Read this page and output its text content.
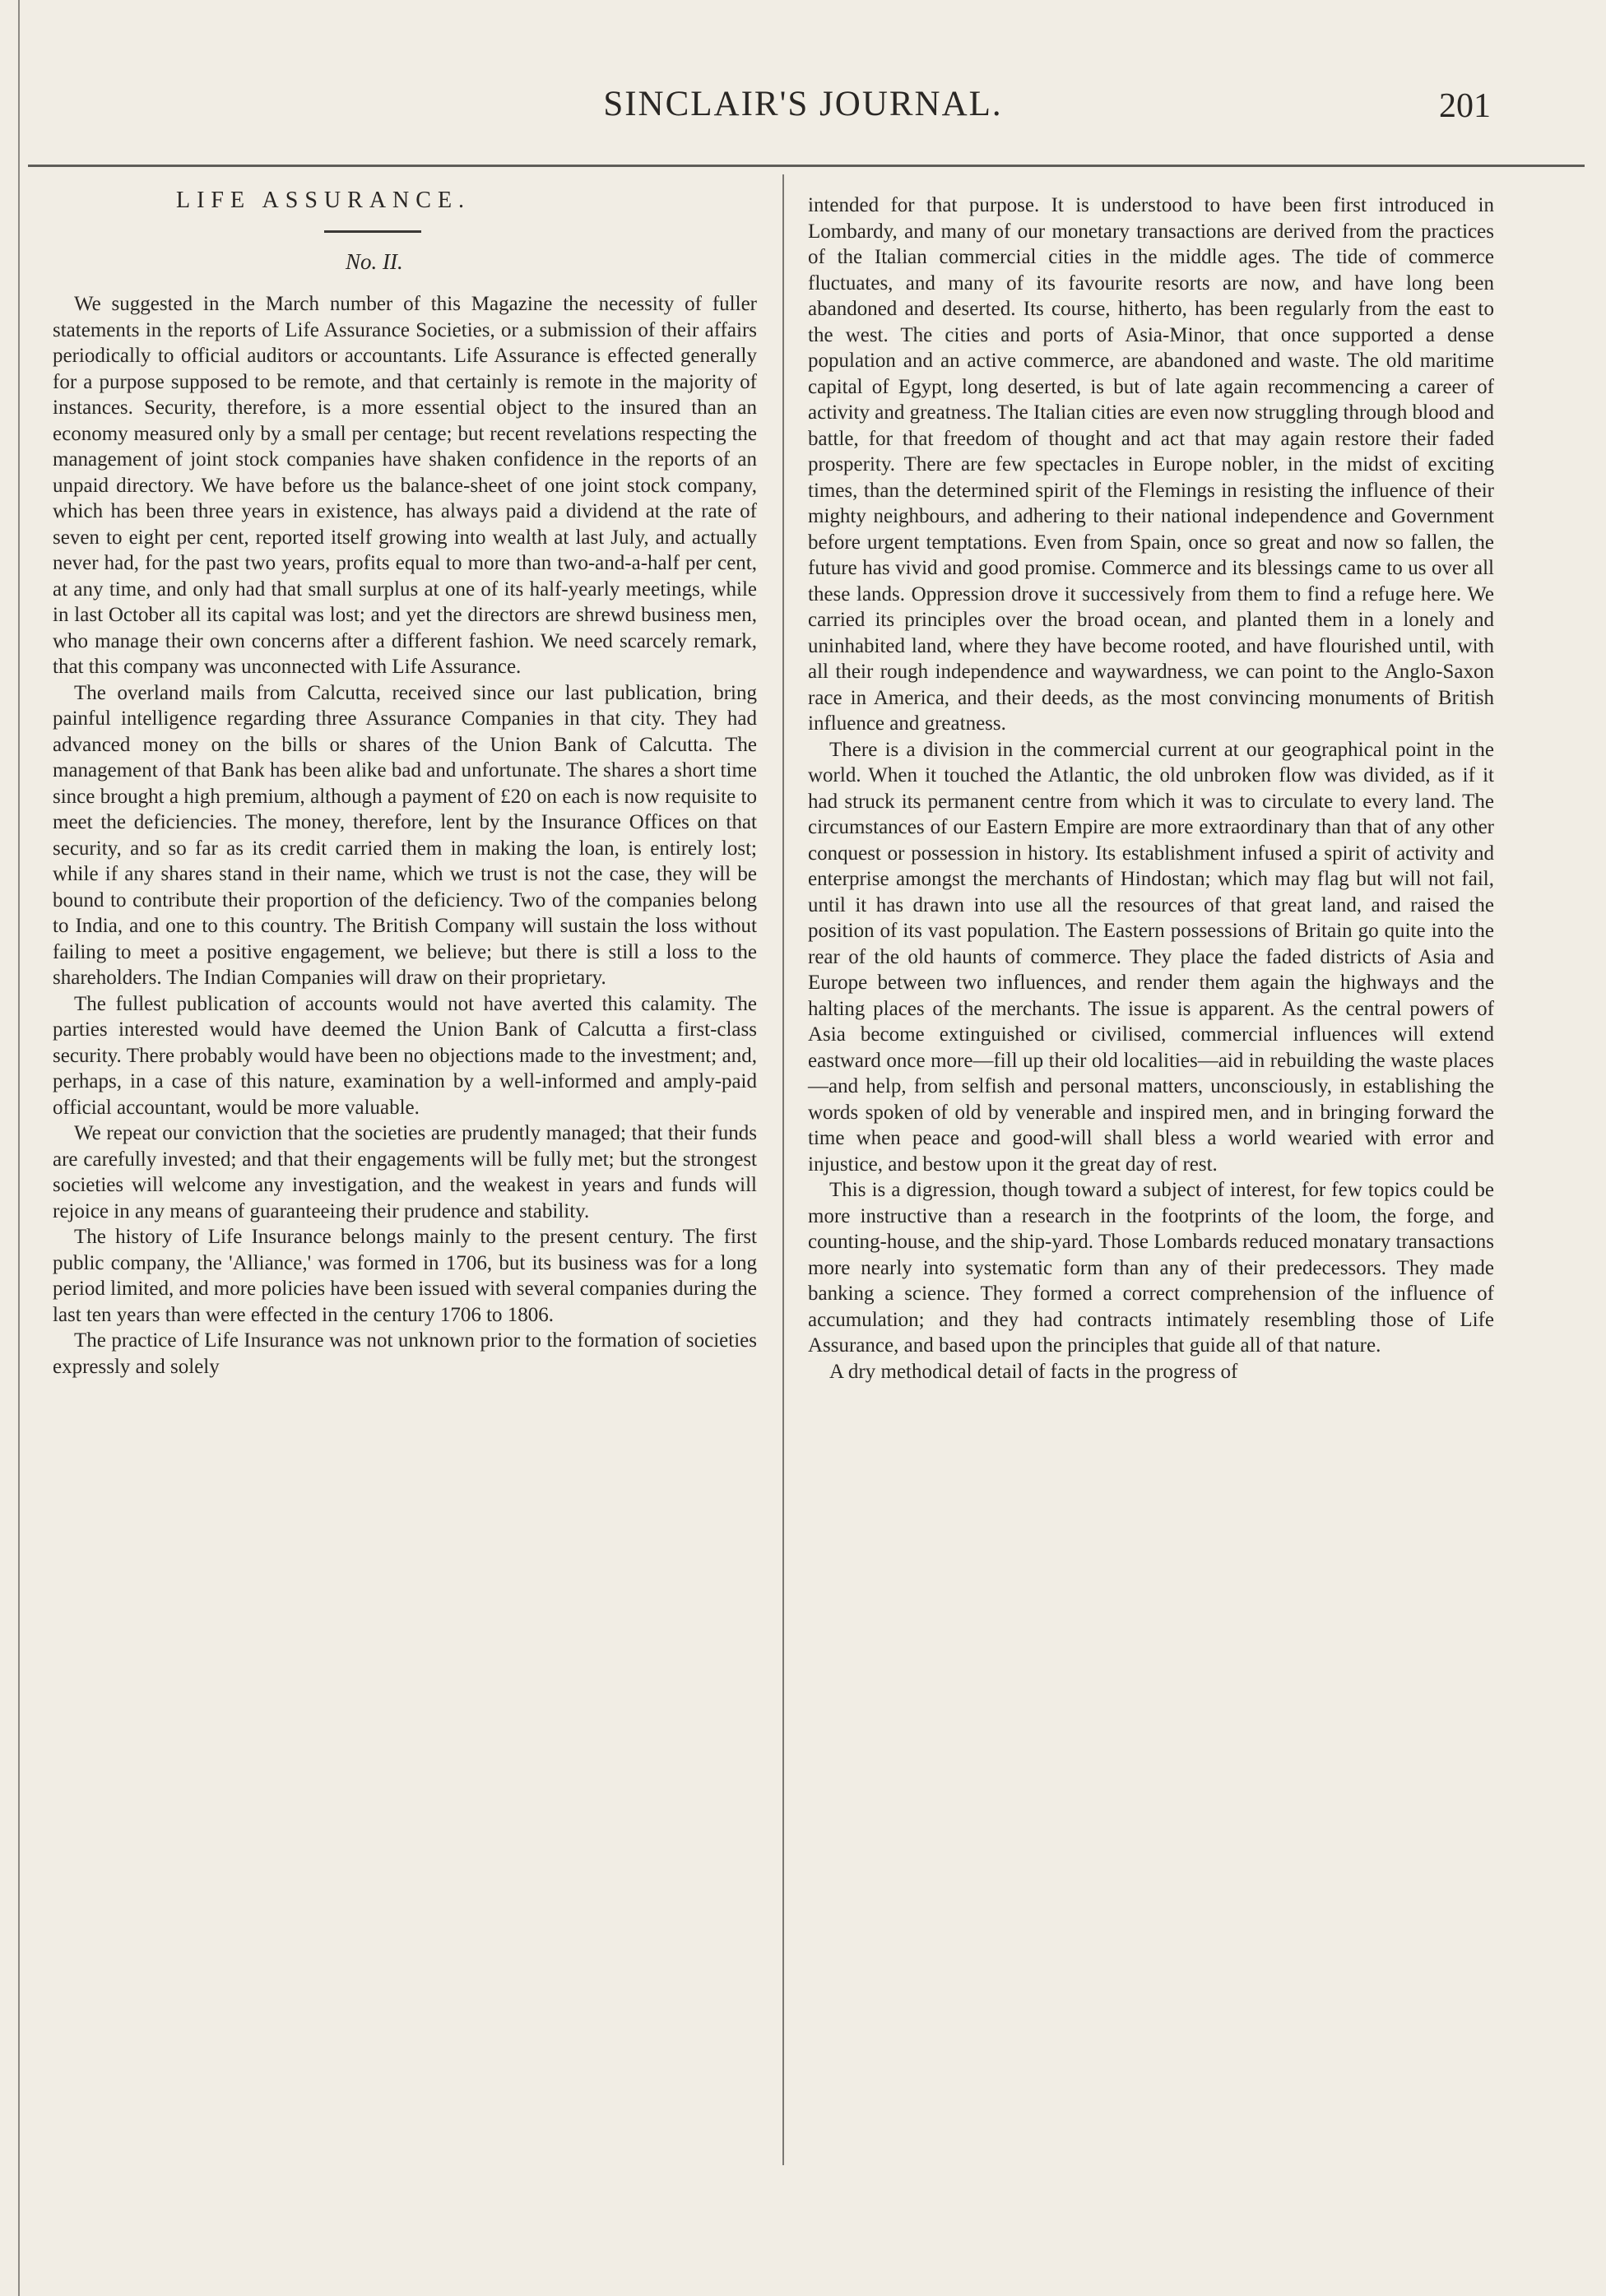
SINCLAIR'S JOURNAL.	201
LIFE ASSURANCE.
No. II.

We suggested in the March number of this Magazine the necessity of fuller statements in the reports of Life Assurance Societies, or a submission of their affairs periodically to official auditors or accountants. Life Assurance is effected generally for a purpose supposed to be remote, and that certainly is remote in the majority of instances. Security, therefore, is a more essential object to the insured than an economy measured only by a small per centage; but recent revelations respecting the management of joint stock companies have shaken confidence in the reports of an unpaid directory. We have before us the balance-sheet of one joint stock company, which has been three years in existence, has always paid a dividend at the rate of seven to eight per cent, reported itself growing into wealth at last July, and actually never had, for the past two years, profits equal to more than two-and-a-half per cent, at any time, and only had that small surplus at one of its half-yearly meetings, while in last October all its capital was lost; and yet the directors are shrewd business men, who manage their own concerns after a different fashion. We need scarcely remark, that this company was unconnected with Life Assurance.

The overland mails from Calcutta, received since our last publication, bring painful intelligence regarding three Assurance Companies in that city. They had advanced money on the bills or shares of the Union Bank of Calcutta. The management of that Bank has been alike bad and unfortunate. The shares a short time since brought a high premium, although a payment of £20 on each is now requisite to meet the deficiencies. The money, therefore, lent by the Insurance Offices on that security, and so far as its credit carried them in making the loan, is entirely lost; while if any shares stand in their name, which we trust is not the case, they will be bound to contribute their proportion of the deficiency. Two of the companies belong to India, and one to this country. The British Company will sustain the loss without failing to meet a positive engagement, we believe; but there is still a loss to the shareholders. The Indian Companies will draw on their proprietary.

The fullest publication of accounts would not have averted this calamity. The parties interested would have deemed the Union Bank of Calcutta a first-class security. There probably would have been no objections made to the investment; and, perhaps, in a case of this nature, examination by a well-informed and amply-paid official accountant, would be more valuable.

We repeat our conviction that the societies are prudently managed; that their funds are carefully invested; and that their engagements will be fully met; but the strongest societies will welcome any investigation, and the weakest in years and funds will rejoice in any means of guaranteeing their prudence and stability.

The history of Life Insurance belongs mainly to the present century. The first public company, the 'Alliance,' was formed in 1706, but its business was for a long period limited, and more policies have been issued with several companies during the last ten years than were effected in the century 1706 to 1806.

The practice of Life Insurance was not unknown prior to the formation of societies expressly and solely

intended for that purpose. It is understood to have been first introduced in Lombardy, and many of our monetary transactions are derived from the practices of the Italian commercial cities in the middle ages. The tide of commerce fluctuates, and many of its favourite resorts are now, and have long been abandoned and deserted. Its course, hitherto, has been regularly from the east to the west. The cities and ports of Asia-Minor, that once supported a dense population and an active commerce, are abandoned and waste. The old maritime capital of Egypt, long deserted, is but of late again recommencing a career of activity and greatness. The Italian cities are even now struggling through blood and battle, for that freedom of thought and act that may again restore their faded prosperity. There are few spectacles in Europe nobler, in the midst of exciting times, than the determined spirit of the Flemings in resisting the influence of their mighty neighbours, and adhering to their national independence and Government before urgent temptations. Even from Spain, once so great and now so fallen, the future has vivid and good promise. Commerce and its blessings came to us over all these lands. Oppression drove it successively from them to find a refuge here. We carried its principles over the broad ocean, and planted them in a lonely and uninhabited land, where they have become rooted, and have flourished until, with all their rough independence and waywardness, we can point to the Anglo-Saxon race in America, and their deeds, as the most convincing monuments of British influence and greatness.

There is a division in the commercial current at our geographical point in the world. When it touched the Atlantic, the old unbroken flow was divided, as if it had struck its permanent centre from which it was to circulate to every land. The circumstances of our Eastern Empire are more extraordinary than that of any other conquest or possession in history. Its establishment infused a spirit of activity and enterprise amongst the merchants of Hindostan; which may flag but will not fail, until it has drawn into use all the resources of that great land, and raised the position of its vast population. The Eastern possessions of Britain go quite into the rear of the old haunts of commerce. They place the faded districts of Asia and Europe between two influences, and render them again the highways and the halting places of the merchants. The issue is apparent. As the central powers of Asia become extinguished or civilised, commercial influences will extend eastward once more—fill up their old localities—aid in rebuilding the waste places—and help, from selfish and personal matters, unconsciously, in establishing the words spoken of old by venerable and inspired men, and in bringing forward the time when peace and good-will shall bless a world wearied with error and injustice, and bestow upon it the great day of rest.

This is a digression, though toward a subject of interest, for few topics could be more instructive than a research in the footprints of the loom, the forge, and counting-house, and the ship-yard. Those Lombards reduced monatary transactions more nearly into systematic form than any of their predecessors. They made banking a science. They formed a correct comprehension of the influence of accumulation; and they had contracts intimately resembling those of Life Assurance, and based upon the principles that guide all of that nature.

A dry methodical detail of facts in the progress of
